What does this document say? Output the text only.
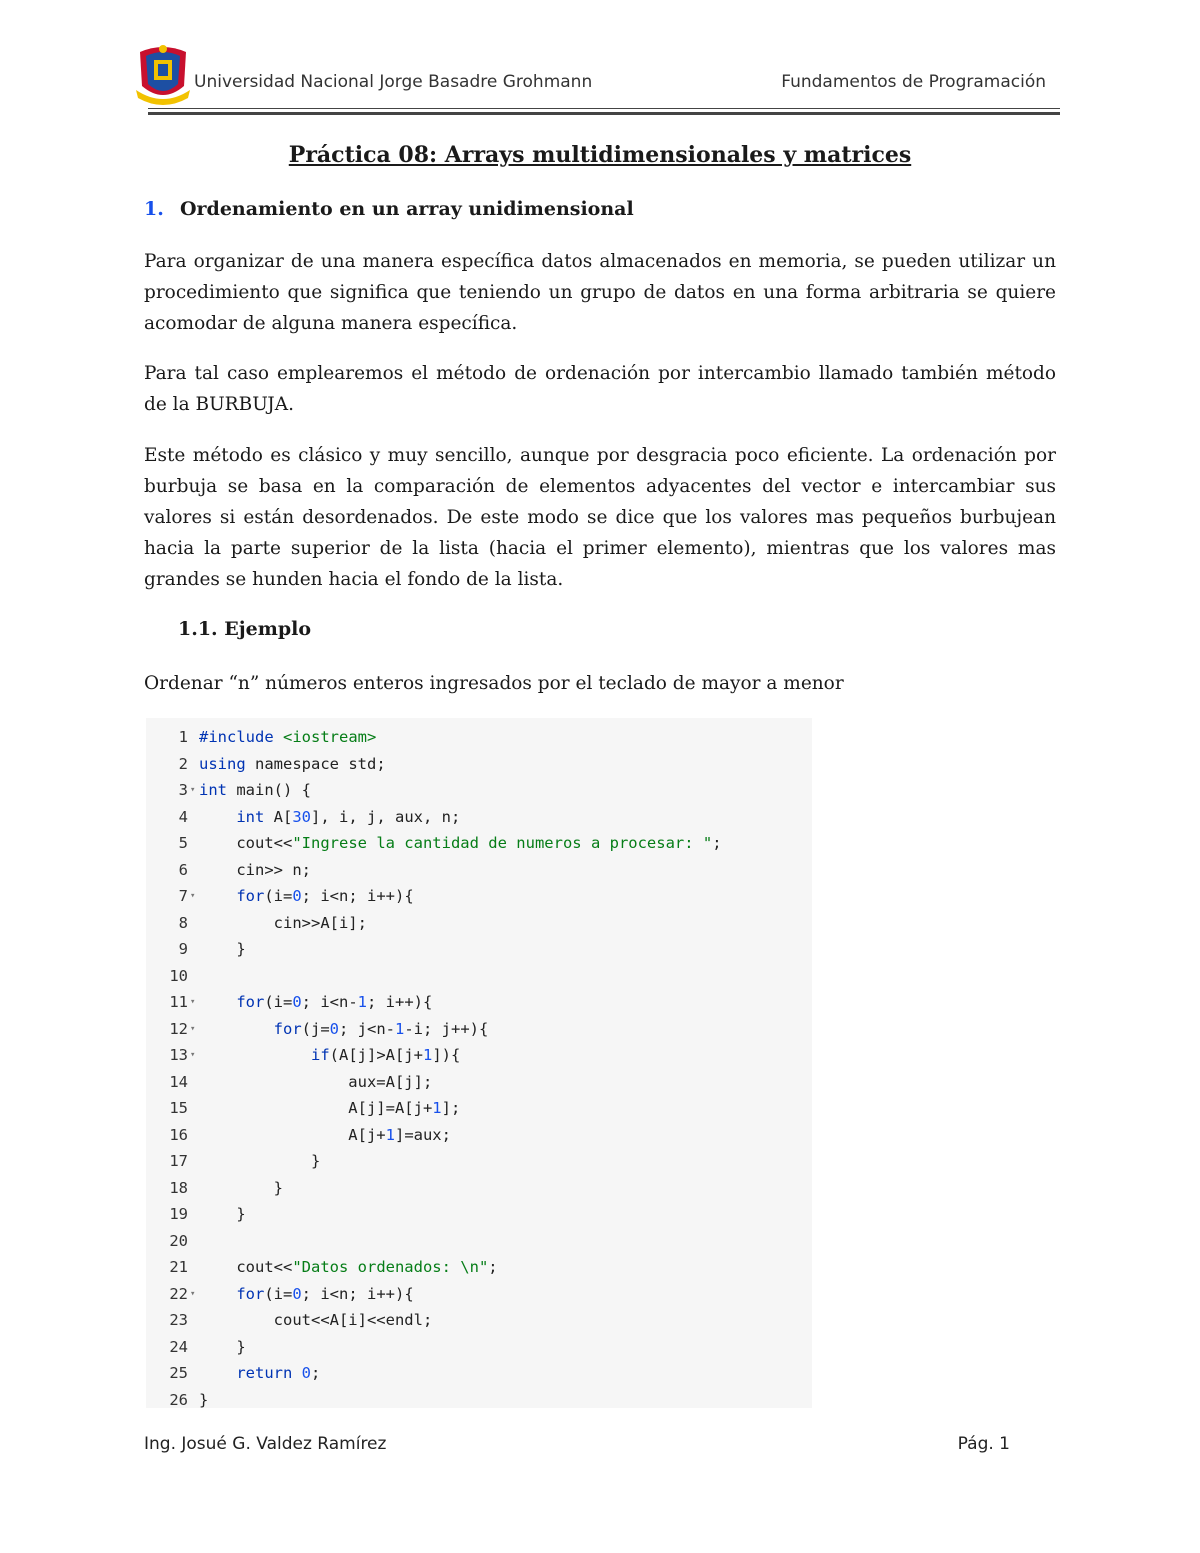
Universidad Nacional Jorge Basadre Grohmann	Fundamentos de Programación
Práctica 08: Arrays multidimensionales y matrices
1. Ordenamiento en un array unidimensional
Para organizar de una manera específica datos almacenados en memoria, se pueden utilizar un procedimiento que significa que teniendo un grupo de datos en una forma arbitraria se quiere acomodar de alguna manera específica.
Para tal caso emplearemos el método de ordenación por intercambio llamado también método de la BURBUJA.
Este método es clásico y muy sencillo, aunque por desgracia poco eficiente. La ordenación por burbuja se basa en la comparación de elementos adyacentes del vector e intercambiar sus valores si están desordenados. De este modo se dice que los valores mas pequeños burbujean hacia la parte superior de la lista (hacia el primer elemento), mientras que los valores mas grandes se hunden hacia el fondo de la lista.
1.1. Ejemplo
Ordenar “n” números enteros ingresados por el teclado de mayor a menor
1 #include <iostream>
2 using namespace std;
3 ▾ int main() {
4	int A[30], i, j, aux, n;
5 cout<<"Ingrese la cantidad de numeros a procesar: ";
6 cin>> n;
7 ▾	for(i=0; i<n; i++){
8 cin>>A[i];
9 }
10
11 ▾	for(i=0; i<n-1; i++){
12 ▾	for(j=0; j<n-1-i; j++){
13 ▾	if(A[j]>A[j+1]){
14 aux=A[j];
15 A[j]=A[j+1];
16 A[j+1]=aux;
17 }
18 }
19 }
20
21 cout<<"Datos ordenados: \n";
22 ▾	for(i=0; i<n; i++){
23 cout<<A[i]<<endl;
24 }
25	return 0;
26 }
Ing. Josué G. Valdez Ramírez	Pág. 1
